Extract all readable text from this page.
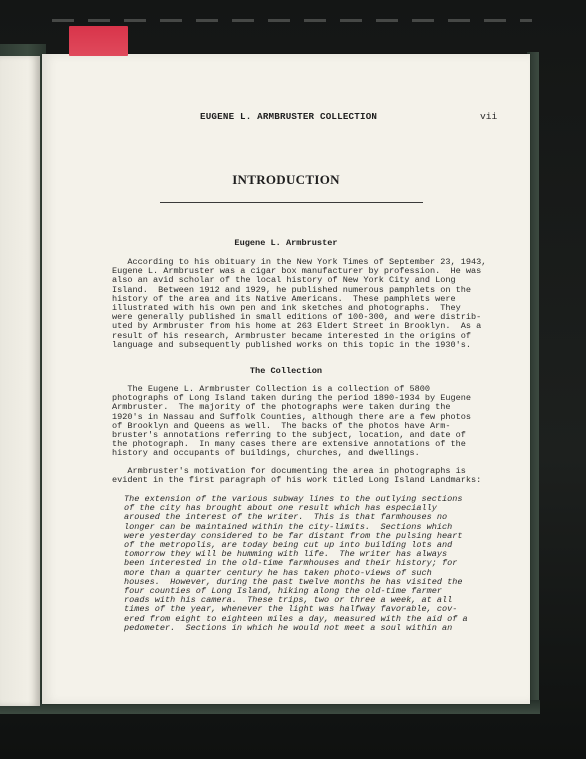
EUGENE L. ARMBRUSTER COLLECTION	vii
INTRODUCTION
Eugene L. Armbruster
According to his obituary in the New York Times of September 23,
Eugene L. Armbruster was a cigar box manufacturer by profession.  He
also an avid scholar of the local history of New York City and Long
Island.  Between 1912 and 1929, he published numerous pamphlets on the
history of the area and its Native Americans.  These pamphlets were
illustrated with his own pen and ink sketches and photographs.  They
were generally published in small editions of 100-300, and were distrib-
uted by Armbruster from his home at 263 Eldert Street in Brooklyn.  As
result of his research, Armbruster became interested in the origins of
language and subsequently published works on this topic in the 1930's.
The Collection
The Eugene L. Armbruster Collection is a collection of 5800
photographs of Long Island taken during the period 1890-1934 by Eugene
Armbruster.  The majority of the photographs were taken during the
1920's in Nassau and Suffolk Counties, although there are a few photos
of Brooklyn and Queens as well.  The backs of the photos have Arm-
bruster's annotations referring to the subject, location, and date of
the photograph.  In many cases there are extensive annotations of the
history and occupants of buildings, churches, and dwellings.
Armbruster's motivation for documenting the area in photographs is
evident in the first paragraph of his work titled Long Island Landmarks:
The extension of the various subway lines to the outlying sections
of the city has brought about one result which has especially
aroused the interest of the writer.  This is that farmhouses no
longer can be maintained within the city-limits.  Sections which
were yesterday considered to be far distant from the pulsing heart
of the metropolis, are today being cut up into building lots and
tomorrow they will be humming with life.  The writer has always
been interested in the old-time farmhouses and their history; for
more than a quarter century he has taken photo-views of such
houses.  However, during the past twelve months he has visited the
four counties of Long Island, hiking along the old-time farmer
roads with his camera.  These trips, two or three a week, at all
times of the year, whenever the light was halfway favorable, cov-
ered from eight to eighteen miles a day, measured with the aid of a
pedometer.  Sections in which he would not meet a soul within an
